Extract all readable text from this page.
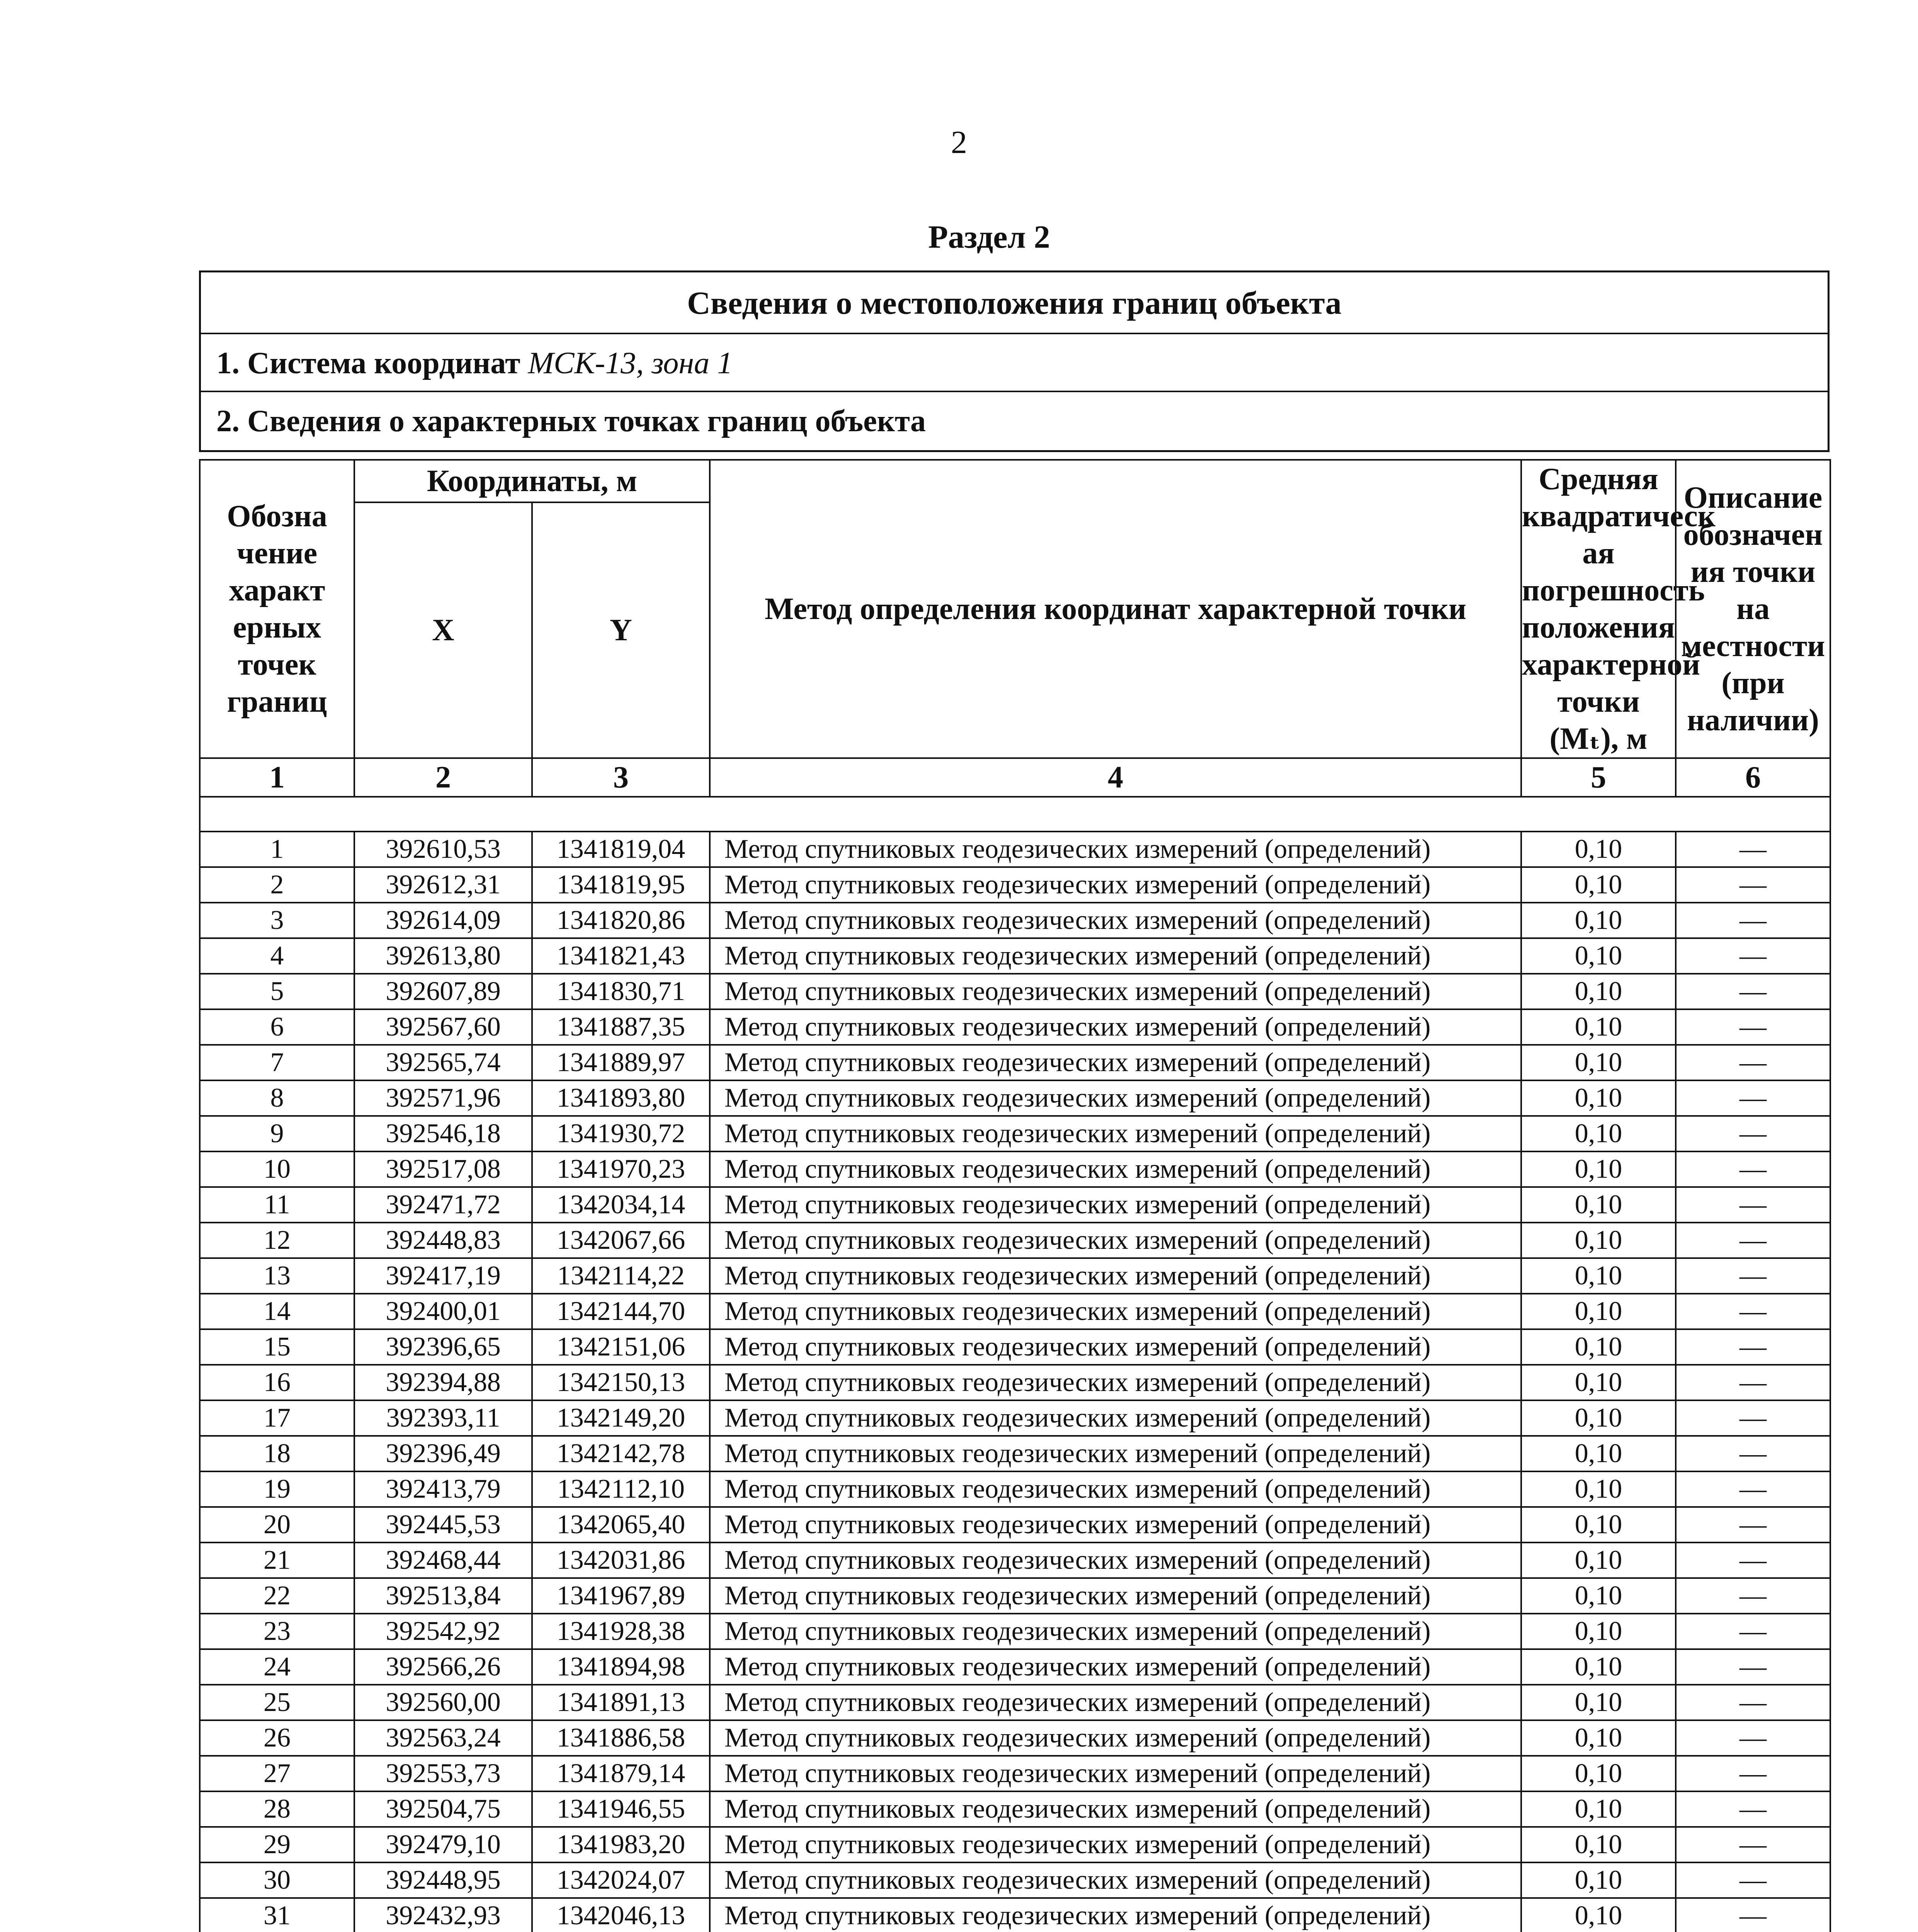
2
Раздел 2
Сведения о местоположения границ объекта
1. Система координат МСК-13, зона 1
2. Сведения о характерных точках границ объекта
Обозна чение характ ерных точек границ	Координаты, м		Метод определения координат характерной точки	Средняя квадратическ ая погрешность положения характерной точки (Mₜ), м	Описание обозначен ия точки на местности (при наличии)
	X	Y			
1	2	3	4	5	6

1	392610,53	1341819,04	Метод спутниковых геодезических измерений (определений)	0,10	—
2	392612,31	1341819,95	Метод спутниковых геодезических измерений (определений)	0,10	—
3	392614,09	1341820,86	Метод спутниковых геодезических измерений (определений)	0,10	—
4	392613,80	1341821,43	Метод спутниковых геодезических измерений (определений)	0,10	—
5	392607,89	1341830,71	Метод спутниковых геодезических измерений (определений)	0,10	—
6	392567,60	1341887,35	Метод спутниковых геодезических измерений (определений)	0,10	—
7	392565,74	1341889,97	Метод спутниковых геодезических измерений (определений)	0,10	—
8	392571,96	1341893,80	Метод спутниковых геодезических измерений (определений)	0,10	—
9	392546,18	1341930,72	Метод спутниковых геодезических измерений (определений)	0,10	—
10	392517,08	1341970,23	Метод спутниковых геодезических измерений (определений)	0,10	—
11	392471,72	1342034,14	Метод спутниковых геодезических измерений (определений)	0,10	—
12	392448,83	1342067,66	Метод спутниковых геодезических измерений (определений)	0,10	—
13	392417,19	1342114,22	Метод спутниковых геодезических измерений (определений)	0,10	—
14	392400,01	1342144,70	Метод спутниковых геодезических измерений (определений)	0,10	—
15	392396,65	1342151,06	Метод спутниковых геодезических измерений (определений)	0,10	—
16	392394,88	1342150,13	Метод спутниковых геодезических измерений (определений)	0,10	—
17	392393,11	1342149,20	Метод спутниковых геодезических измерений (определений)	0,10	—
18	392396,49	1342142,78	Метод спутниковых геодезических измерений (определений)	0,10	—
19	392413,79	1342112,10	Метод спутниковых геодезических измерений (определений)	0,10	—
20	392445,53	1342065,40	Метод спутниковых геодезических измерений (определений)	0,10	—
21	392468,44	1342031,86	Метод спутниковых геодезических измерений (определений)	0,10	—
22	392513,84	1341967,89	Метод спутниковых геодезических измерений (определений)	0,10	—
23	392542,92	1341928,38	Метод спутниковых геодезических измерений (определений)	0,10	—
24	392566,26	1341894,98	Метод спутниковых геодезических измерений (определений)	0,10	—
25	392560,00	1341891,13	Метод спутниковых геодезических измерений (определений)	0,10	—
26	392563,24	1341886,58	Метод спутниковых геодезических измерений (определений)	0,10	—
27	392553,73	1341879,14	Метод спутниковых геодезических измерений (определений)	0,10	—
28	392504,75	1341946,55	Метод спутниковых геодезических измерений (определений)	0,10	—
29	392479,10	1341983,20	Метод спутниковых геодезических измерений (определений)	0,10	—
30	392448,95	1342024,07	Метод спутниковых геодезических измерений (определений)	0,10	—
31	392432,93	1342046,13	Метод спутниковых геодезических измерений (определений)	0,10	—
